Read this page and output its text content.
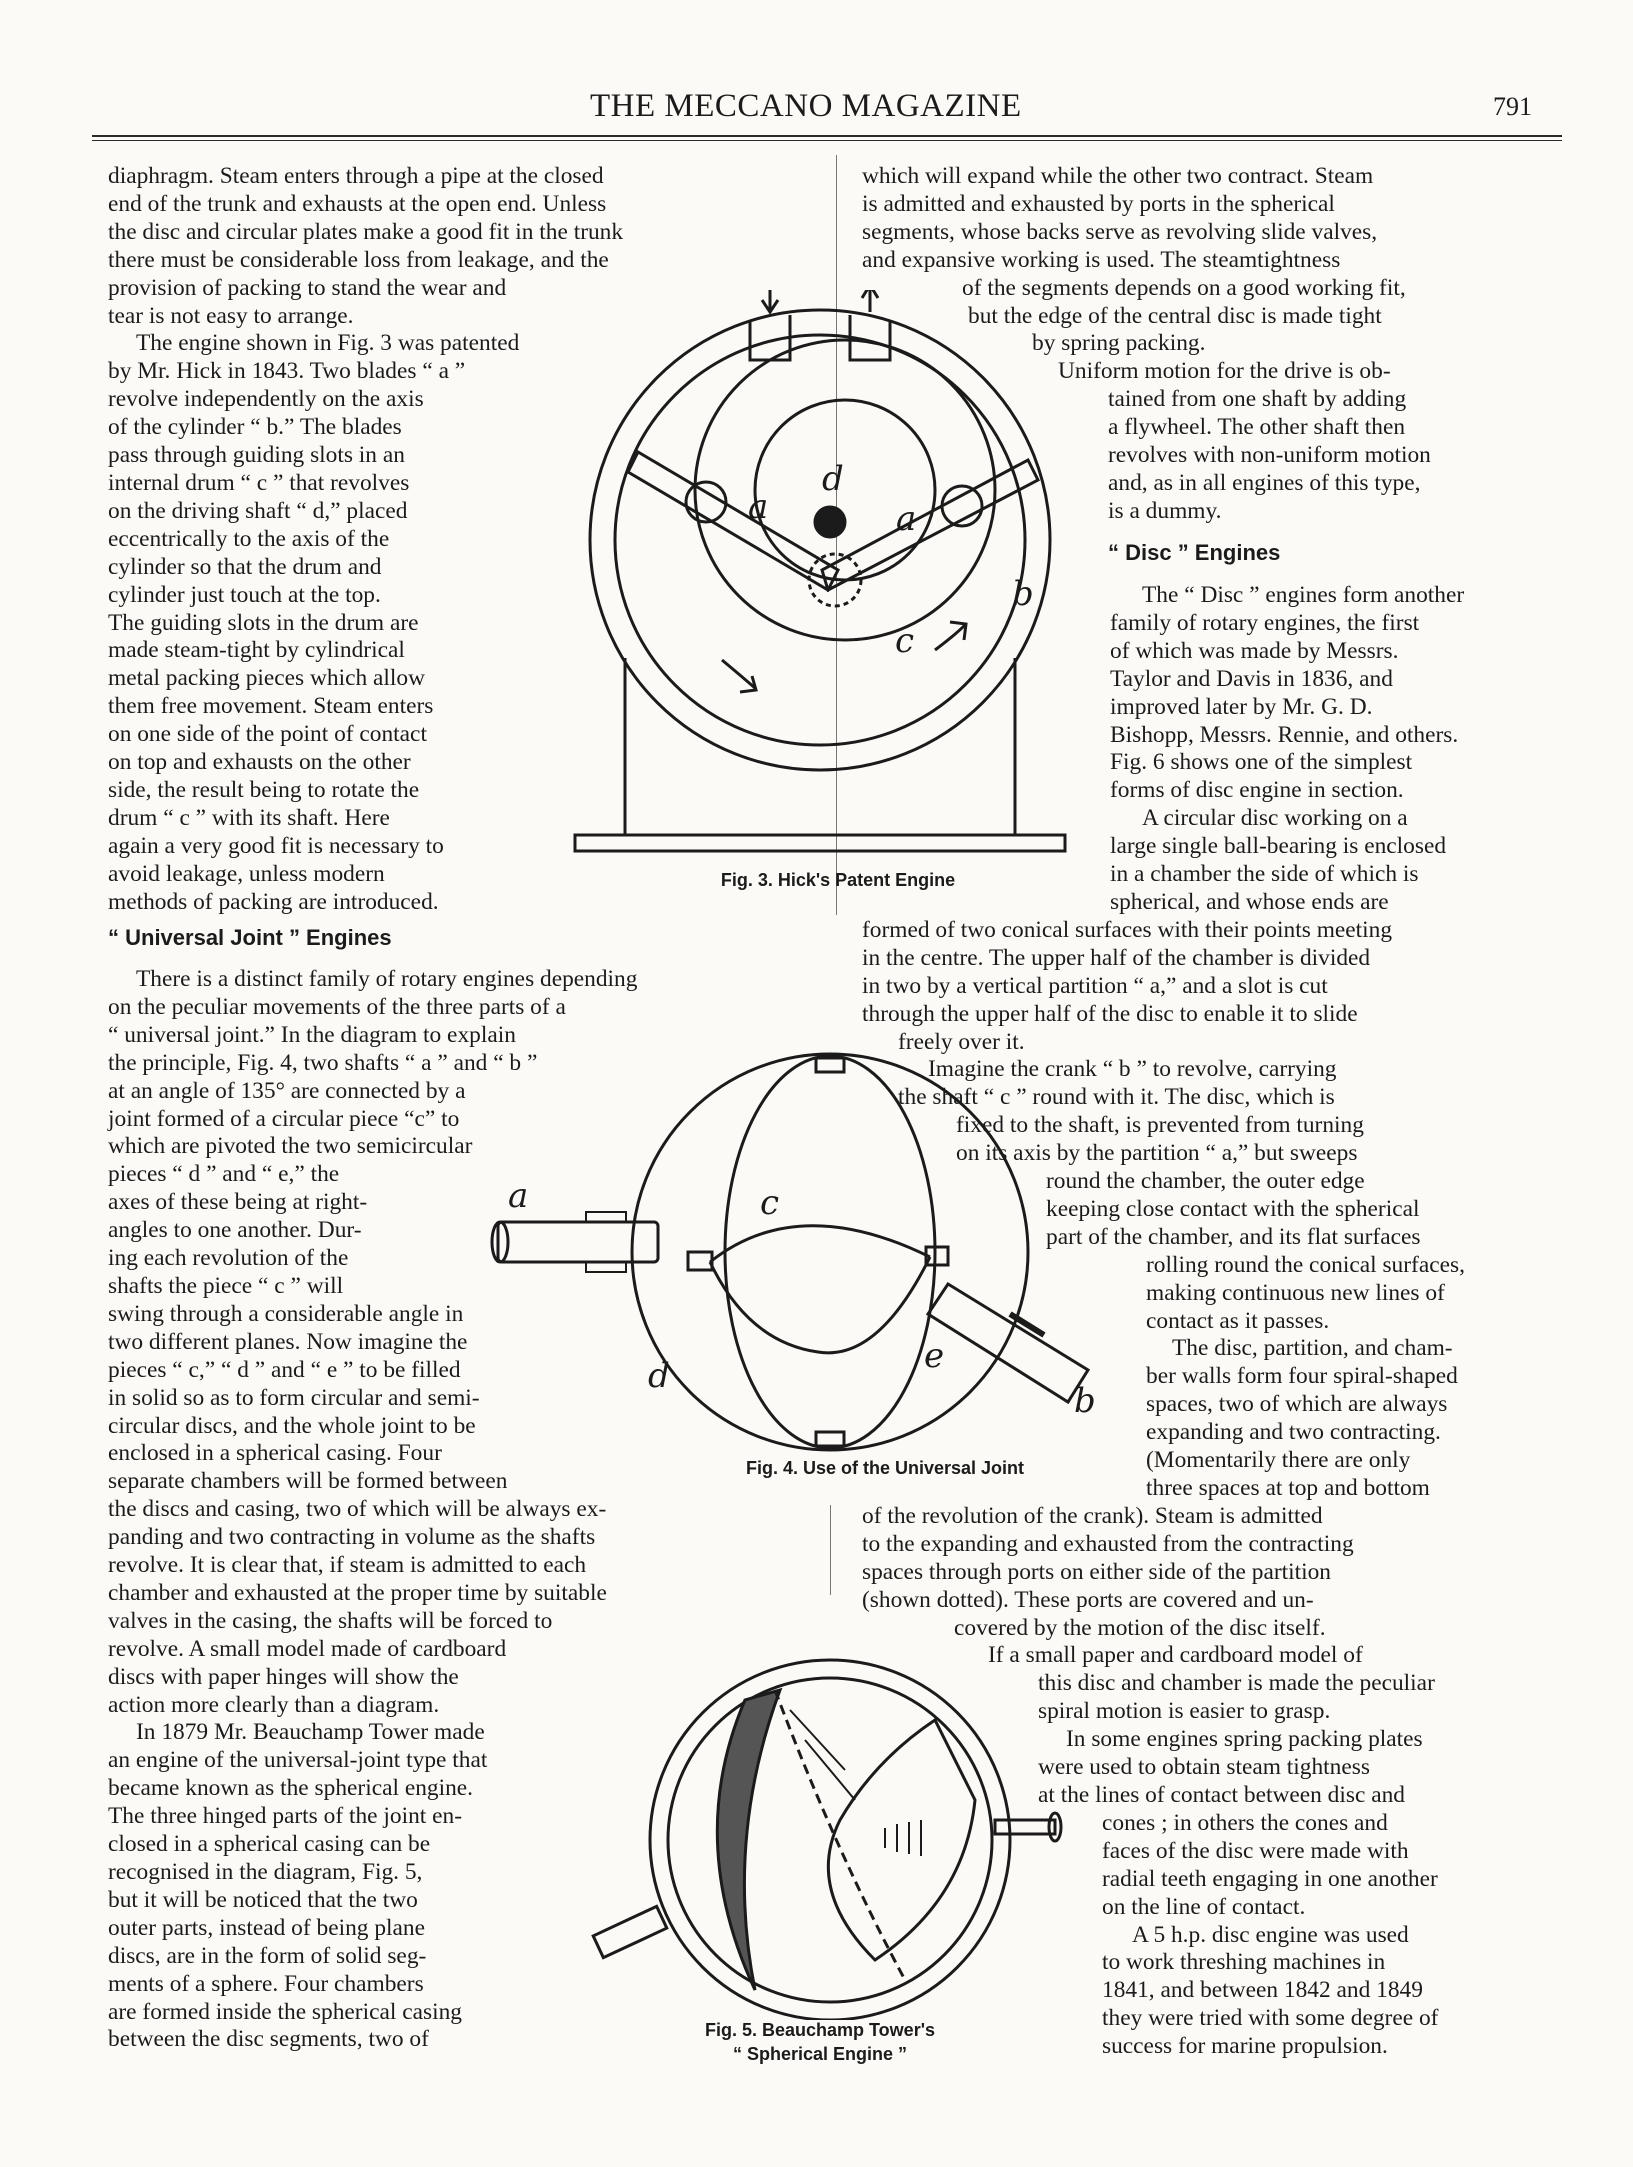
THE MECCANO MAGAZINE	791

diaphragm. Steam enters through a pipe at the closed

end of the trunk and exhausts at the open end. Unless

the disc and circular plates make a good fit in the trunk

there must be considerable loss from leakage, and the

provision of packing to stand the wear and

tear is not easy to arrange.

The engine shown in Fig. 3 was patented

by Mr. Hick in 1843. Two blades “ a ”

revolve independently on the axis

of the cylinder “ b.” The blades

pass through guiding slots in an

internal drum “ c ” that revolves

on the driving shaft “ d,” placed

eccentrically to the axis of the

cylinder so that the drum and

cylinder just touch at the top.

The guiding slots in the drum are

made steam-tight by cylindrical

metal packing pieces which allow

them free movement. Steam enters

on one side of the point of contact

on top and exhausts on the other

side, the result being to rotate the

drum “ c ” with its shaft. Here

again a very good fit is necessary to

avoid leakage, unless modern

methods of packing are introduced.

“ Universal Joint ” Engines

There is a distinct family of rotary engines depending

on the peculiar movements of the three parts of a

“ universal joint.” In the diagram to explain

the principle, Fig. 4, two shafts “ a ” and “ b ”

at an angle of 135° are connected by a

joint formed of a circular piece “c” to

which are pivoted the two semicircular

pieces “ d ” and “ e,” the

axes of these being at right-

angles to one another. Dur-

ing each revolution of the

shafts the piece “ c ” will

swing through a considerable angle in

two different planes. Now imagine the

pieces “ c,” “ d ” and “ e ” to be filled

in solid so as to form circular and semi-

circular discs, and the whole joint to be

enclosed in a spherical casing. Four

separate chambers will be formed between

the discs and casing, two of which will be always ex-

panding and two contracting in volume as the shafts

revolve. It is clear that, if steam is admitted to each

chamber and exhausted at the proper time by suitable

valves in the casing, the shafts will be forced to

revolve. A small model made of cardboard

discs with paper hinges will show the

action more clearly than a diagram.

In 1879 Mr. Beauchamp Tower made

an engine of the universal-joint type that

became known as the spherical engine.

The three hinged parts of the joint en-

closed in a spherical casing can be

recognised in the diagram, Fig. 5,

but it will be noticed that the two

outer parts, instead of being plane

discs, are in the form of solid seg-

ments of a sphere. Four chambers

are formed inside the spherical casing

between the disc segments, two of

which will expand while the other two contract. Steam

is admitted and exhausted by ports in the spherical

segments, whose backs serve as revolving slide valves,

and expansive working is used. The steamtightness

of the segments depends on a good working fit,

but the edge of the central disc is made tight

by spring packing.

Uniform motion for the drive is ob-

tained from one shaft by adding

a flywheel. The other shaft then

revolves with non-uniform motion

and, as in all engines of this type,

is a dummy.

“ Disc ” Engines

The “ Disc ” engines form another

family of rotary engines, the first

of which was made by Messrs.

Taylor and Davis in 1836, and

improved later by Mr. G. D.

Bishopp, Messrs. Rennie, and others.

Fig. 6 shows one of the simplest

forms of disc engine in section.

A circular disc working on a

large single ball-bearing is enclosed

in a chamber the side of which is

spherical, and whose ends are

formed of two conical surfaces with their points meeting

in the centre. The upper half of the chamber is divided

in two by a vertical partition “ a,” and a slot is cut

through the upper half of the disc to enable it to slide

freely over it.

Imagine the crank “ b ” to revolve, carrying

the shaft “ c ” round with it. The disc, which is

fixed to the shaft, is prevented from turning

on its axis by the partition “ a,” but sweeps

round the chamber, the outer edge

keeping close contact with the spherical

part of the chamber, and its flat surfaces

rolling round the conical surfaces,

making continuous new lines of

contact as it passes.

The disc, partition, and cham-

ber walls form four spiral-shaped

spaces, two of which are always

expanding and two contracting.

(Momentarily there are only

three spaces at top and bottom

of the revolution of the crank). Steam is admitted

to the expanding and exhausted from the contracting

spaces through ports on either side of the partition

(shown dotted). These ports are covered and un-

covered by the motion of the disc itself.

If a small paper and cardboard model of

this disc and chamber is made the peculiar

spiral motion is easier to grasp.

In some engines spring packing plates

were used to obtain steam tightness

at the lines of contact between disc and

cones ; in others the cones and

faces of the disc were made with

radial teeth engaging in one another

on the line of contact.

A 5 h.p. disc engine was used

to work threshing machines in

1841, and between 1842 and 1849

they were tried with some degree of

success for marine propulsion.

d
a	a
b
c
Fig. 3. Hick's Patent Engine
a	c
d	e
b
Fig. 4. Use of the Universal Joint
Fig. 5. Beauchamp Tower's
“ Spherical Engine ”
